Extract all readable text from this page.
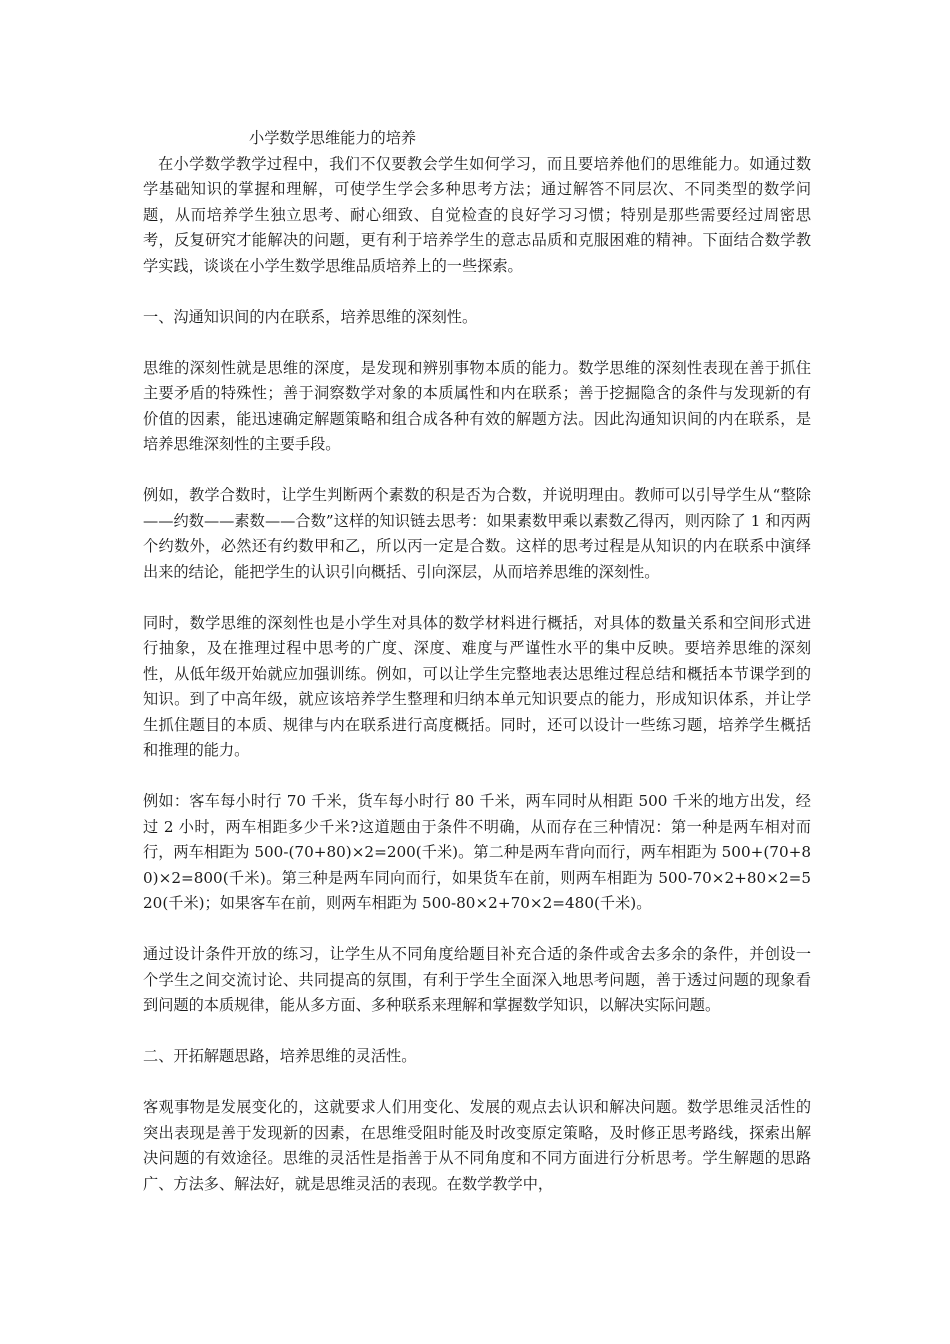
小学数学思维能力的培养

在小学数学教学过程中，我们不仅要教会学生如何学习，而且要培养他们的思维能力。如通过数学基础知识的掌握和理解，可使学生学会多种思考方法；通过解答不同层次、不同类型的数学问题，从而培养学生独立思考、耐心细致、自觉检查的良好学习习惯；特别是那些需要经过周密思考，反复研究才能解决的问题，更有利于培养学生的意志品质和克服困难的精神。下面结合数学教学实践，谈谈在小学生数学思维品质培养上的一些探索。

一、沟通知识间的内在联系，培养思维的深刻性。

思维的深刻性就是思维的深度，是发现和辨别事物本质的能力。数学思维的深刻性表现在善于抓住主要矛盾的特殊性；善于洞察数学对象的本质属性和内在联系；善于挖掘隐含的条件与发现新的有价值的因素，能迅速确定解题策略和组合成各种有效的解题方法。因此沟通知识间的内在联系，是培养思维深刻性的主要手段。

例如，教学合数时，让学生判断两个素数的积是否为合数，并说明理由。教师可以引导学生从“整除——约数——素数——合数”这样的知识链去思考：如果素数甲乘以素数乙得丙，则丙除了 1 和丙两个约数外，必然还有约数甲和乙，所以丙一定是合数。这样的思考过程是从知识的内在联系中演绎出来的结论，能把学生的认识引向概括、引向深层，从而培养思维的深刻性。

同时，数学思维的深刻性也是小学生对具体的数学材料进行概括，对具体的数量关系和空间形式进行抽象，及在推理过程中思考的广度、深度、难度与严谨性水平的集中反映。要培养思维的深刻性，从低年级开始就应加强训练。例如，可以让学生完整地表达思维过程总结和概括本节课学到的知识。到了中高年级，就应该培养学生整理和归纳本单元知识要点的能力，形成知识体系，并让学生抓住题目的本质、规律与内在联系进行高度概括。同时，还可以设计一些练习题，培养学生概括和推理的能力。

例如：客车每小时行 70 千米，货车每小时行 80 千米，两车同时从相距 500 千米的地方出发，经过 2 小时，两车相距多少千米?这道题由于条件不明确，从而存在三种情况：第一种是两车相对而行，两车相距为 500-(70+80)×2=200(千米)。第二种是两车背向而行，两车相距为 500+(70+80)×2=800(千米)。第三种是两车同向而行，如果货车在前，则两车相距为 500-70×2+80×2=520(千米)；如果客车在前，则两车相距为 500-80×2+70×2=480(千米)。

通过设计条件开放的练习，让学生从不同角度给题目补充合适的条件或舍去多余的条件，并创设一个学生之间交流讨论、共同提高的氛围，有利于学生全面深入地思考问题，善于透过问题的现象看到问题的本质规律，能从多方面、多种联系来理解和掌握数学知识，以解决实际问题。

二、开拓解题思路，培养思维的灵活性。

客观事物是发展变化的，这就要求人们用变化、发展的观点去认识和解决问题。数学思维灵活性的突出表现是善于发现新的因素，在思维受阻时能及时改变原定策略，及时修正思考路线，探索出解决问题的有效途径。思维的灵活性是指善于从不同角度和不同方面进行分析思考。学生解题的思路广、方法多、解法好，就是思维灵活的表现。在数学教学中，
